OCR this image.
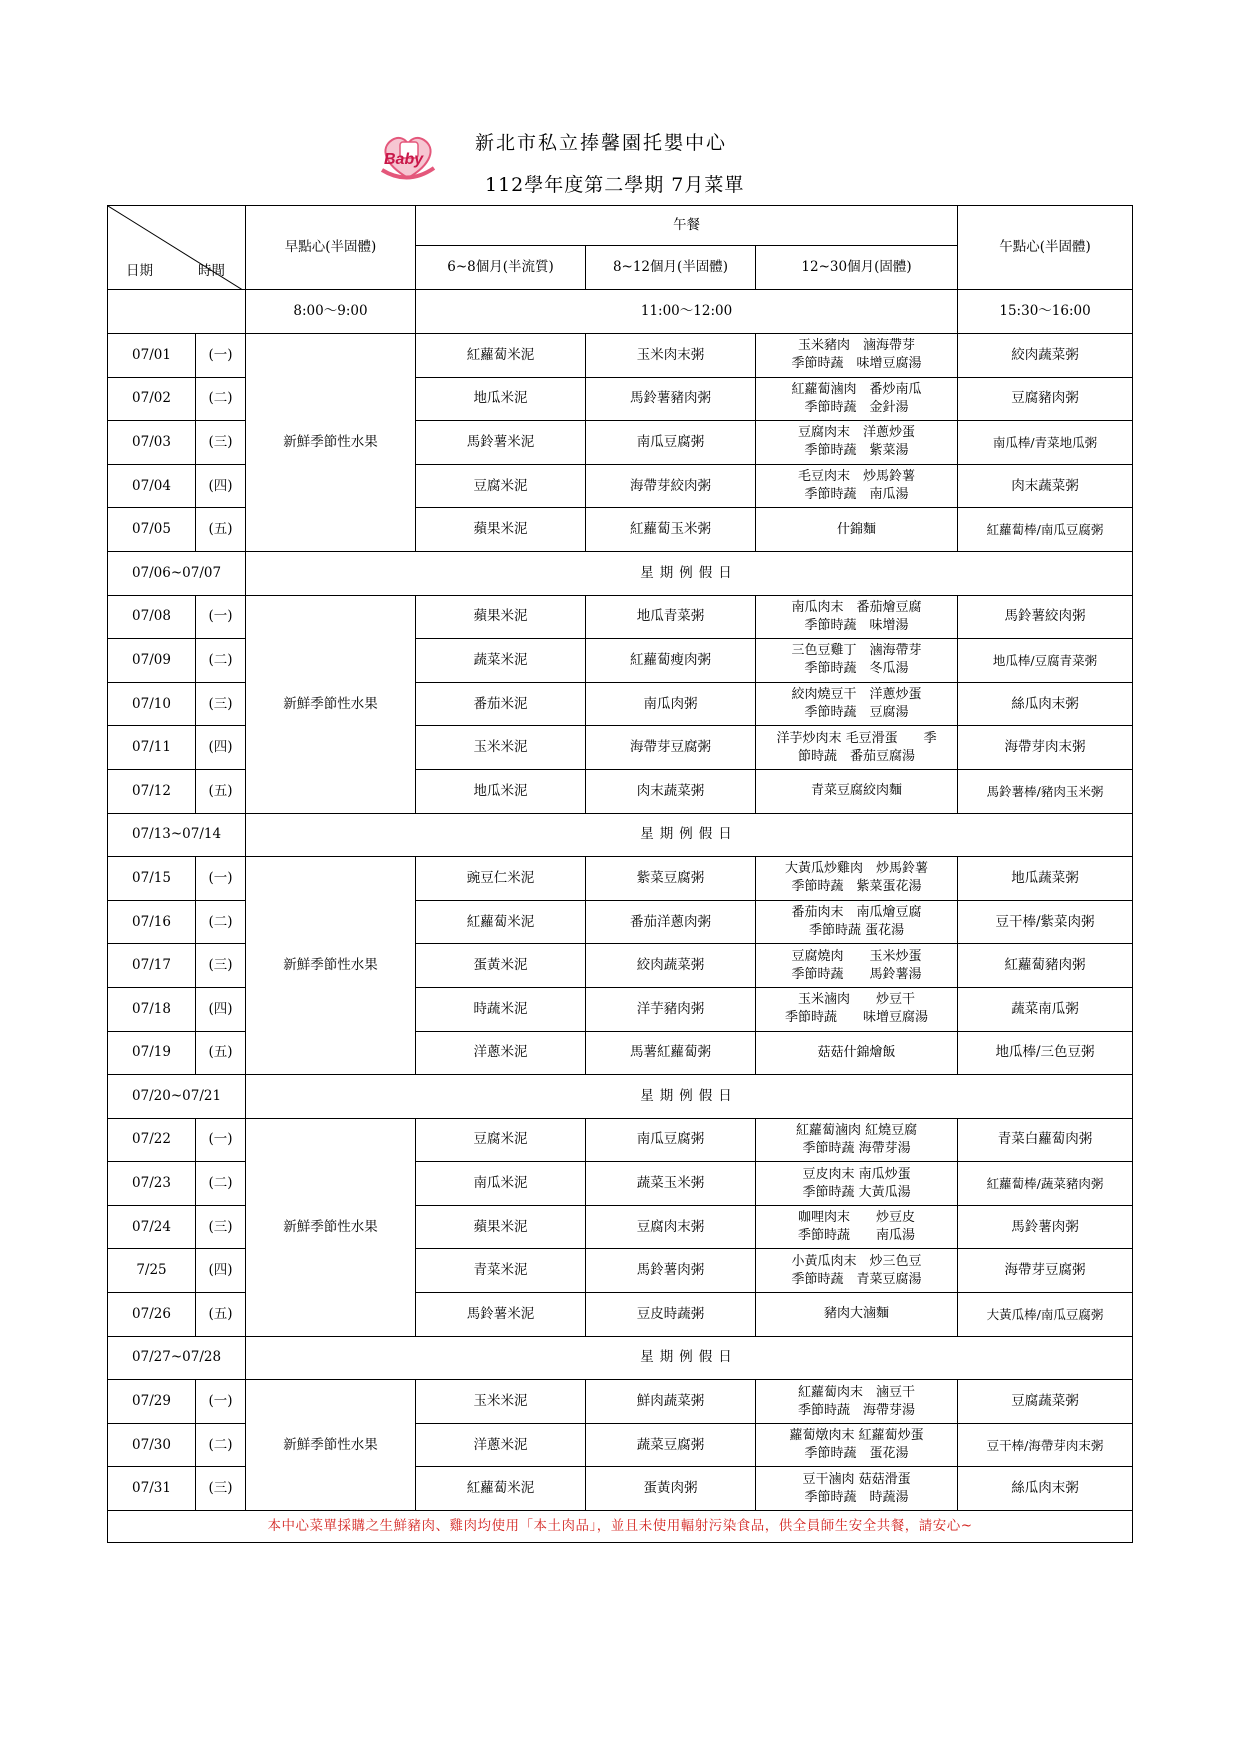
Baby
新北市私立捧馨園托嬰中心
112學年度第二學期 7月菜單
日期 時間		早點心(半固體)	午餐			午點心(半固體)
			6~8個月(半流質)	8~12個月(半固體)	12~30個月(固體)	
		8:00～9:00	11:00～12:00			15:30～16:00
07/01	(一)	新鮮季節性水果	紅蘿蔔米泥	玉米肉末粥	玉米豬肉　滷海帶芽
季節時蔬　味增豆腐湯	絞肉蔬菜粥
07/02	(二)		地瓜米泥	馬鈴薯豬肉粥	紅蘿蔔滷肉　番炒南瓜
季節時蔬　金針湯	豆腐豬肉粥
07/03	(三)		馬鈴薯米泥	南瓜豆腐粥	豆腐肉末　洋蔥炒蛋
季節時蔬　紫菜湯	南瓜棒/青菜地瓜粥
07/04	(四)		豆腐米泥	海帶芽絞肉粥	毛豆肉末　炒馬鈴薯
季節時蔬　南瓜湯	肉末蔬菜粥
07/05	(五)		蘋果米泥	紅蘿蔔玉米粥	什錦麵	紅蘿蔔棒/南瓜豆腐粥
07/06~07/07		星期例假日				
07/08	(一)	新鮮季節性水果	蘋果米泥	地瓜青菜粥	南瓜肉末　番茄燴豆腐
季節時蔬　味增湯	馬鈴薯絞肉粥
07/09	(二)		蔬菜米泥	紅蘿蔔瘦肉粥	三色豆雞丁　滷海帶芽
季節時蔬　冬瓜湯	地瓜棒/豆腐青菜粥
07/10	(三)		番茄米泥	南瓜肉粥	絞肉燒豆干　洋蔥炒蛋
季節時蔬　豆腐湯	絲瓜肉末粥
07/11	(四)		玉米米泥	海帶芽豆腐粥	洋芋炒肉末 毛豆滑蛋　　季
節時蔬　番茄豆腐湯	海帶芽肉末粥
07/12	(五)		地瓜米泥	肉末蔬菜粥	青菜豆腐絞肉麵	馬鈴薯棒/豬肉玉米粥
07/13~07/14		星期例假日				
07/15	(一)	新鮮季節性水果	豌豆仁米泥	紫菜豆腐粥	大黃瓜炒雞肉　炒馬鈴薯
季節時蔬　紫菜蛋花湯	地瓜蔬菜粥
07/16	(二)		紅蘿蔔米泥	番茄洋蔥肉粥	番茄肉末　南瓜燴豆腐
季節時蔬 蛋花湯	豆干棒/紫菜肉粥
07/17	(三)		蛋黃米泥	絞肉蔬菜粥	豆腐燒肉　　玉米炒蛋
季節時蔬　　馬鈴薯湯	紅蘿蔔豬肉粥
07/18	(四)		時蔬米泥	洋芋豬肉粥	玉米滷肉　　炒豆干
季節時蔬　　味增豆腐湯	蔬菜南瓜粥
07/19	(五)		洋蔥米泥	馬薯紅蘿蔔粥	菇菇什錦燴飯	地瓜棒/三色豆粥
07/20~07/21		星期例假日				
07/22	(一)	新鮮季節性水果	豆腐米泥	南瓜豆腐粥	紅蘿蔔滷肉 紅燒豆腐
季節時蔬 海帶芽湯	青菜白蘿蔔肉粥
07/23	(二)		南瓜米泥	蔬菜玉米粥	豆皮肉末 南瓜炒蛋
季節時蔬 大黃瓜湯	紅蘿蔔棒/蔬菜豬肉粥
07/24	(三)		蘋果米泥	豆腐肉末粥	咖哩肉末　　炒豆皮
季節時蔬　　南瓜湯	馬鈴薯肉粥
7/25	(四)		青菜米泥	馬鈴薯肉粥	小黃瓜肉末　炒三色豆
季節時蔬　青菜豆腐湯	海帶芽豆腐粥
07/26	(五)		馬鈴薯米泥	豆皮時蔬粥	豬肉大滷麵	大黃瓜棒/南瓜豆腐粥
07/27~07/28		星期例假日				
07/29	(一)	新鮮季節性水果	玉米米泥	鮮肉蔬菜粥	紅蘿蔔肉末　滷豆干
季節時蔬　海帶芽湯	豆腐蔬菜粥
07/30	(二)		洋蔥米泥	蔬菜豆腐粥	蘿蔔燉肉末 紅蘿蔔炒蛋
季節時蔬　蛋花湯	豆干棒/海帶芽肉末粥
07/31	(三)		紅蘿蔔米泥	蛋黃肉粥	豆干滷肉 菇菇滑蛋
季節時蔬　時蔬湯	絲瓜肉末粥
本中心菜單採購之生鮮豬肉、雞肉均使用「本土肉品」，並且未使用輻射污染食品，供全員師生安全共餐，請安心~						
